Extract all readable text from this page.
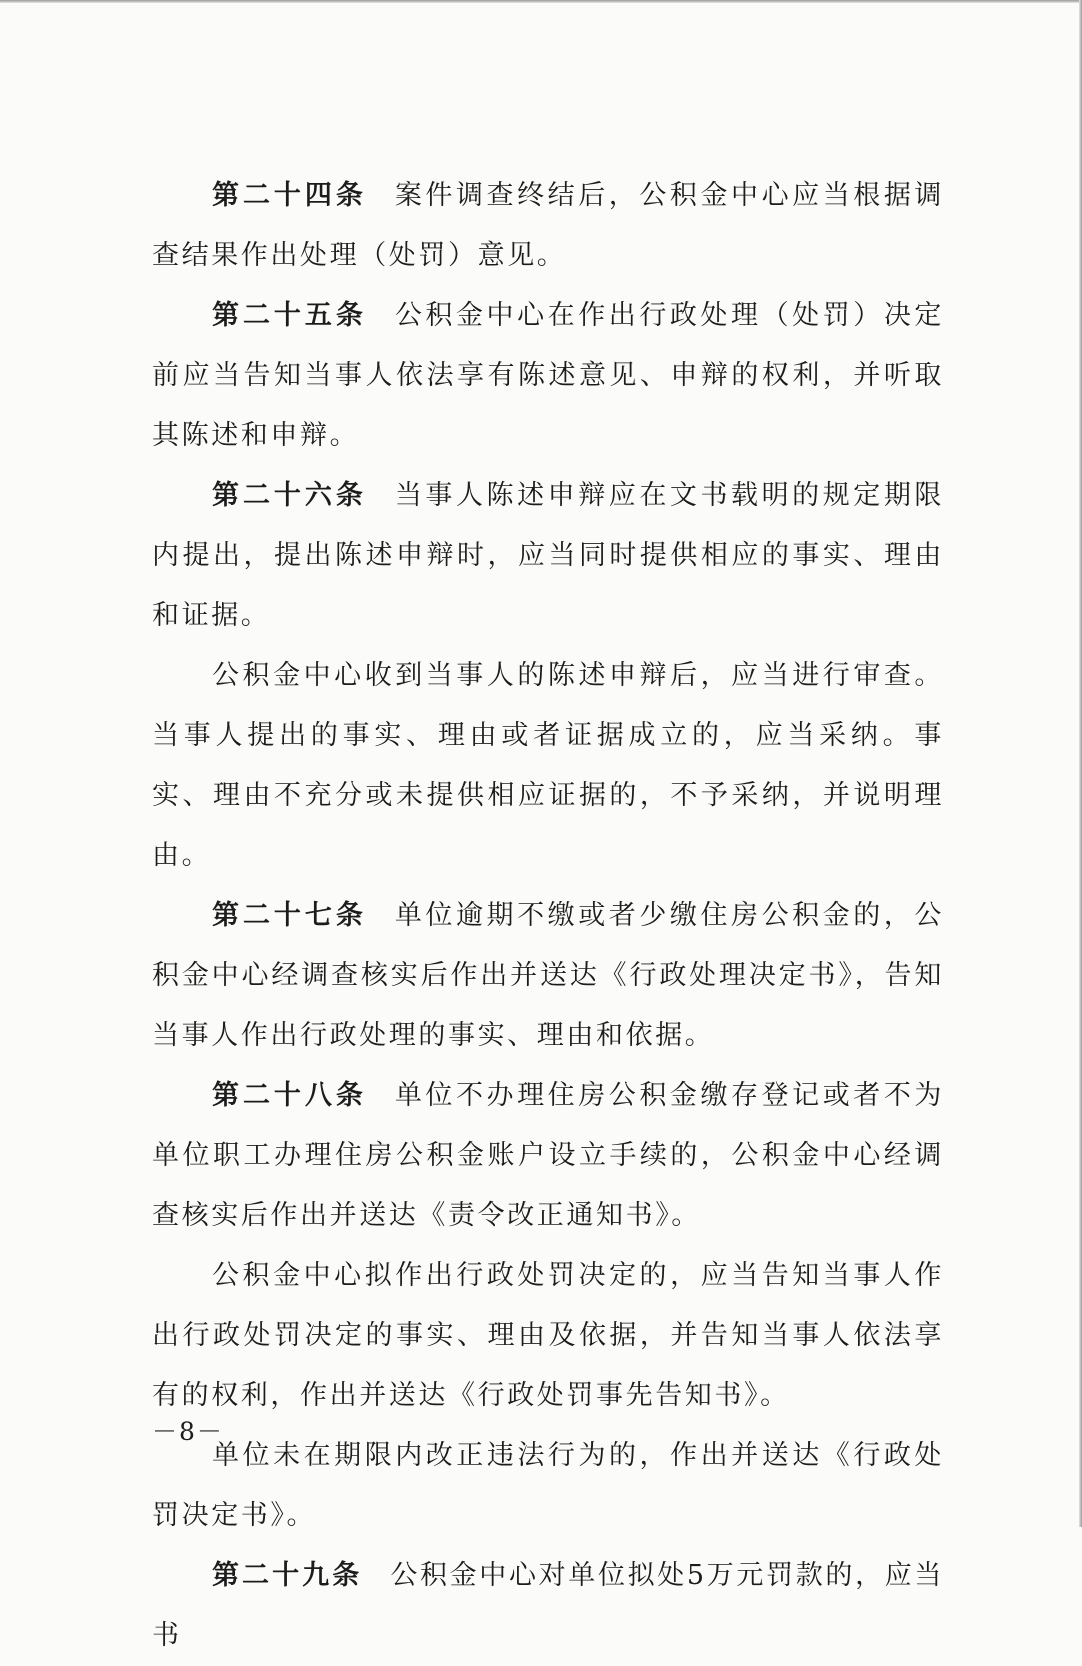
第二十四条 案件调查终结后，公积金中心应当根据调查结果作出处理（处罚）意见。

第二十五条 公积金中心在作出行政处理（处罚）决定前应当告知当事人依法享有陈述意见、申辩的权利，并听取其陈述和申辩。

第二十六条 当事人陈述申辩应在文书载明的规定期限内提出，提出陈述申辩时，应当同时提供相应的事实、理由和证据。

公积金中心收到当事人的陈述申辩后，应当进行审查。当事人提出的事实、理由或者证据成立的，应当采纳。事实、理由不充分或未提供相应证据的，不予采纳，并说明理由。

第二十七条 单位逾期不缴或者少缴住房公积金的，公积金中心经调查核实后作出并送达《行政处理决定书》，告知当事人作出行政处理的事实、理由和依据。

第二十八条 单位不办理住房公积金缴存登记或者不为单位职工办理住房公积金账户设立手续的，公积金中心经调查核实后作出并送达《责令改正通知书》。

公积金中心拟作出行政处罚决定的，应当告知当事人作出行政处罚决定的事实、理由及依据，并告知当事人依法享有的权利，作出并送达《行政处罚事先告知书》。

单位未在期限内改正违法行为的，作出并送达《行政处罚决定书》。

第二十九条 公积金中心对单位拟处5万元罚款的，应当书

－8－
